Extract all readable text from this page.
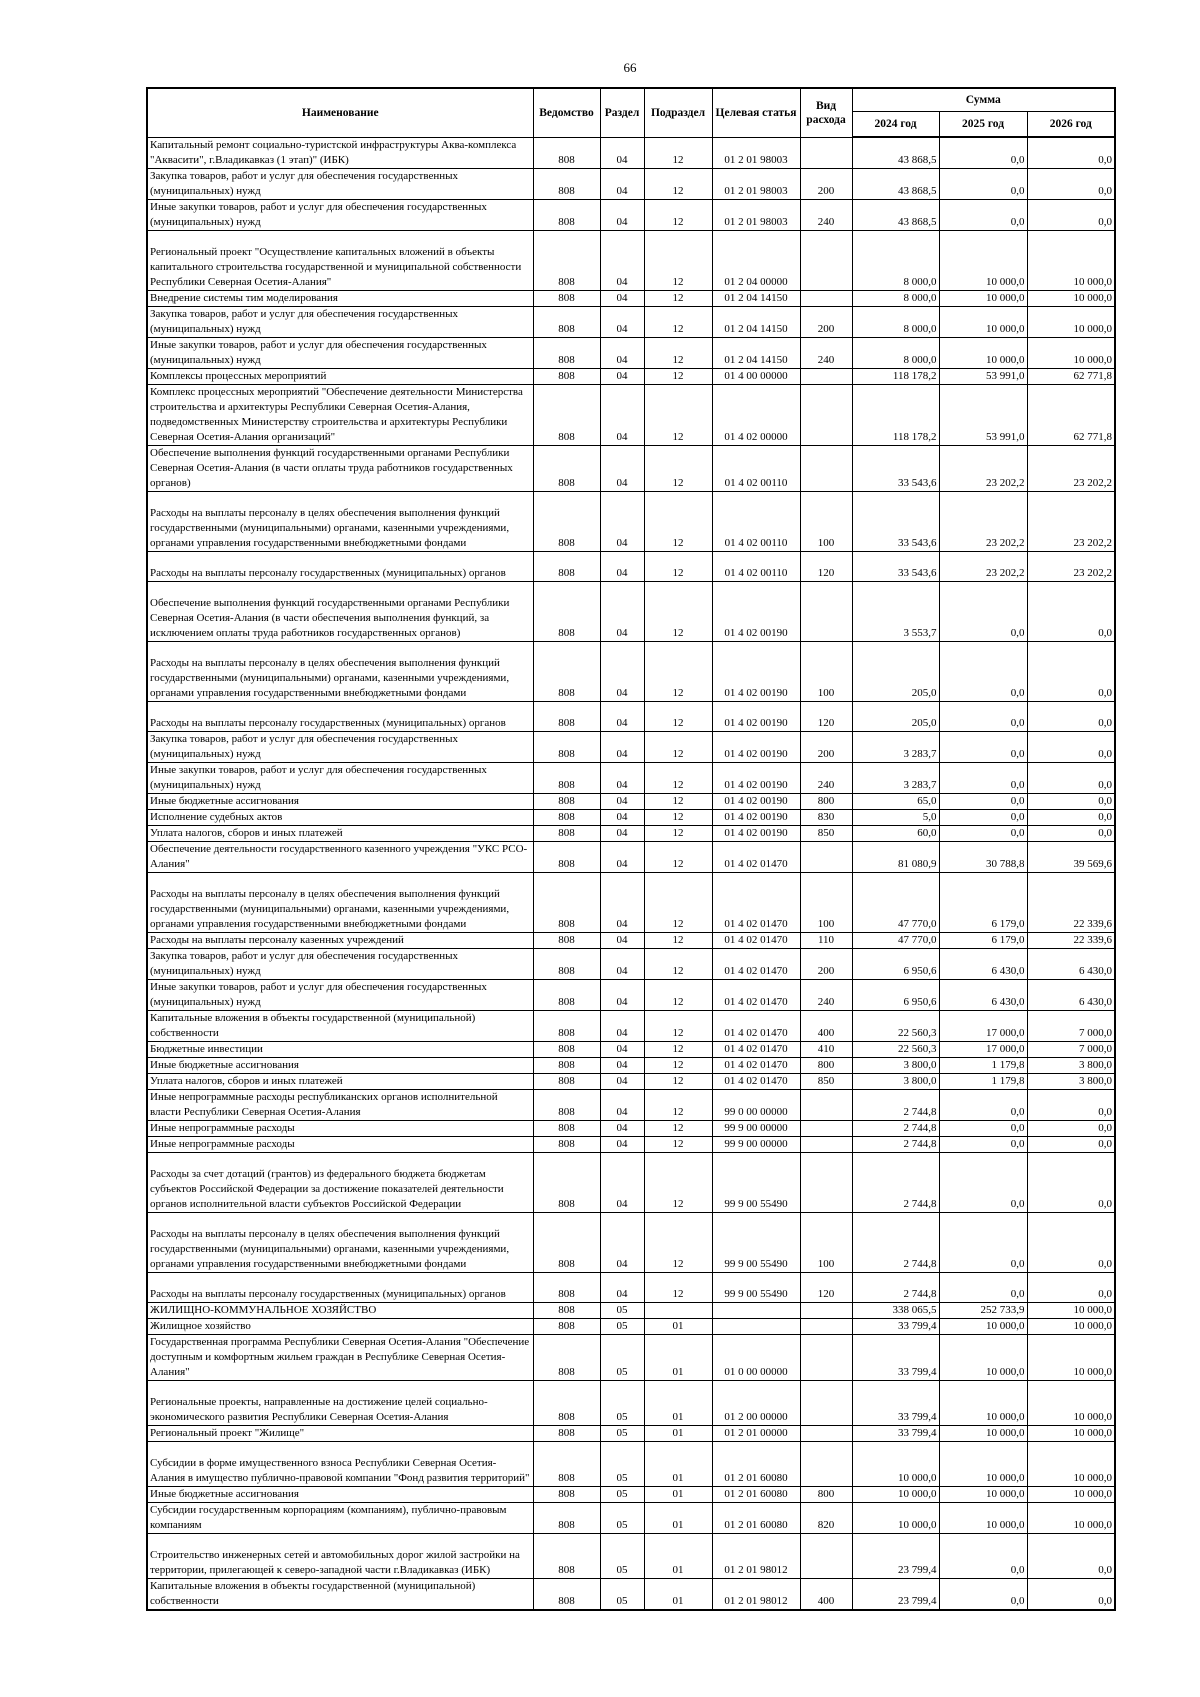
66
Наименование	Ведомство	Раздел	Подраздел	Целевая статья	Вид расхода	Сумма		
						2024 год	2025 год	2026 год
Капитальный ремонт социально-туристской инфраструктуры Аква-комплекса "Аквасити", г.Владикавказ (1 этап)" (ИБК)	808	04	12	01 2 01 98003		43 868,5	0,0	0,0
Закупка товаров, работ и услуг для обеспечения государственных (муниципальных) нужд	808	04	12	01 2 01 98003	200	43 868,5	0,0	0,0
Иные закупки товаров, работ и услуг для обеспечения государственных (муниципальных) нужд	808	04	12	01 2 01 98003	240	43 868,5	0,0	0,0
Региональный проект "Осуществление капитальных вложений в объекты капитального строительства государственной и муниципальной собственности Республики Северная Осетия-Алания"	808	04	12	01 2 04 00000		8 000,0	10 000,0	10 000,0
Внедрение системы тим моделирования	808	04	12	01 2 04 14150		8 000,0	10 000,0	10 000,0
Закупка товаров, работ и услуг для обеспечения государственных (муниципальных) нужд	808	04	12	01 2 04 14150	200	8 000,0	10 000,0	10 000,0
Иные закупки товаров, работ и услуг для обеспечения государственных (муниципальных) нужд	808	04	12	01 2 04 14150	240	8 000,0	10 000,0	10 000,0
Комплексы процессных мероприятий	808	04	12	01 4 00 00000		118 178,2	53 991,0	62 771,8
Комплекс процессных мероприятий "Обеспечение деятельности Министерства строительства и архитектуры Республики Северная Осетия-Алания, подведомственных Министерству строительства и архитектуры Республики Северная Осетия-Алания организаций"	808	04	12	01 4 02 00000		118 178,2	53 991,0	62 771,8
Обеспечение выполнения функций государственными органами Республики Северная Осетия-Алания (в части оплаты труда работников государственных органов)	808	04	12	01 4 02 00110		33 543,6	23 202,2	23 202,2
Расходы на выплаты персоналу в целях обеспечения выполнения функций государственными (муниципальными) органами, казенными учреждениями, органами управления государственными внебюджетными фондами	808	04	12	01 4 02 00110	100	33 543,6	23 202,2	23 202,2
Расходы на выплаты персоналу государственных (муниципальных) органов	808	04	12	01 4 02 00110	120	33 543,6	23 202,2	23 202,2
Обеспечение выполнения функций государственными органами Республики Северная Осетия-Алания (в части обеспечения выполнения функций, за исключением оплаты труда работников государственных органов)	808	04	12	01 4 02 00190		3 553,7	0,0	0,0
Расходы на выплаты персоналу в целях обеспечения выполнения функций государственными (муниципальными) органами, казенными учреждениями, органами управления государственными внебюджетными фондами	808	04	12	01 4 02 00190	100	205,0	0,0	0,0
Расходы на выплаты персоналу государственных (муниципальных) органов	808	04	12	01 4 02 00190	120	205,0	0,0	0,0
Закупка товаров, работ и услуг для обеспечения государственных (муниципальных) нужд	808	04	12	01 4 02 00190	200	3 283,7	0,0	0,0
Иные закупки товаров, работ и услуг для обеспечения государственных (муниципальных) нужд	808	04	12	01 4 02 00190	240	3 283,7	0,0	0,0
Иные бюджетные ассигнования	808	04	12	01 4 02 00190	800	65,0	0,0	0,0
Исполнение судебных актов	808	04	12	01 4 02 00190	830	5,0	0,0	0,0
Уплата налогов, сборов и иных платежей	808	04	12	01 4 02 00190	850	60,0	0,0	0,0
Обеспечение деятельности государственного казенного учреждения "УКС РСО-Алания"	808	04	12	01 4 02 01470		81 080,9	30 788,8	39 569,6
Расходы на выплаты персоналу в целях обеспечения выполнения функций государственными (муниципальными) органами, казенными учреждениями, органами управления государственными внебюджетными фондами	808	04	12	01 4 02 01470	100	47 770,0	6 179,0	22 339,6
Расходы на выплаты персоналу казенных учреждений	808	04	12	01 4 02 01470	110	47 770,0	6 179,0	22 339,6
Закупка товаров, работ и услуг для обеспечения государственных (муниципальных) нужд	808	04	12	01 4 02 01470	200	6 950,6	6 430,0	6 430,0
Иные закупки товаров, работ и услуг для обеспечения государственных (муниципальных) нужд	808	04	12	01 4 02 01470	240	6 950,6	6 430,0	6 430,0
Капитальные вложения в объекты государственной (муниципальной) собственности	808	04	12	01 4 02 01470	400	22 560,3	17 000,0	7 000,0
Бюджетные инвестиции	808	04	12	01 4 02 01470	410	22 560,3	17 000,0	7 000,0
Иные бюджетные ассигнования	808	04	12	01 4 02 01470	800	3 800,0	1 179,8	3 800,0
Уплата налогов, сборов и иных платежей	808	04	12	01 4 02 01470	850	3 800,0	1 179,8	3 800,0
Иные непрограммные расходы республиканских органов исполнительной власти Республики Северная Осетия-Алания	808	04	12	99 0 00 00000		2 744,8	0,0	0,0
Иные непрограммные расходы	808	04	12	99 9 00 00000		2 744,8	0,0	0,0
Иные непрограммные расходы	808	04	12	99 9 00 00000		2 744,8	0,0	0,0
Расходы за счет дотаций (грантов) из федерального бюджета бюджетам субъектов Российской Федерации за достижение показателей деятельности органов исполнительной власти субъектов Российской Федерации	808	04	12	99 9 00 55490		2 744,8	0,0	0,0
Расходы на выплаты персоналу в целях обеспечения выполнения функций государственными (муниципальными) органами, казенными учреждениями, органами управления государственными внебюджетными фондами	808	04	12	99 9 00 55490	100	2 744,8	0,0	0,0
Расходы на выплаты персоналу государственных (муниципальных) органов	808	04	12	99 9 00 55490	120	2 744,8	0,0	0,0
ЖИЛИЩНО-КОММУНАЛЬНОЕ ХОЗЯЙСТВО	808	05				338 065,5	252 733,9	10 000,0
Жилищное хозяйство	808	05	01			33 799,4	10 000,0	10 000,0
Государственная программа Республики Северная Осетия-Алания "Обеспечение доступным и комфортным жильем граждан в Республике Северная Осетия-Алания"	808	05	01	01 0 00 00000		33 799,4	10 000,0	10 000,0
Региональные проекты, направленные на достижение целей социально-экономического развития Республики Северная Осетия-Алания	808	05	01	01 2 00 00000		33 799,4	10 000,0	10 000,0
Региональный проект "Жилище"	808	05	01	01 2 01 00000		33 799,4	10 000,0	10 000,0
Субсидии в форме имущественного взноса Республики Северная Осетия-Алания в имущество публично-правовой компании "Фонд развития территорий"	808	05	01	01 2 01 60080		10 000,0	10 000,0	10 000,0
Иные бюджетные ассигнования	808	05	01	01 2 01 60080	800	10 000,0	10 000,0	10 000,0
Субсидии государственным корпорациям (компаниям), публично-правовым компаниям	808	05	01	01 2 01 60080	820	10 000,0	10 000,0	10 000,0
Строительство инженерных сетей и автомобильных дорог жилой застройки на территории, прилегающей к северо-западной части г.Владикавказ (ИБК)	808	05	01	01 2 01 98012		23 799,4	0,0	0,0
Капитальные вложения в объекты государственной (муниципальной) собственности	808	05	01	01 2 01 98012	400	23 799,4	0,0	0,0
